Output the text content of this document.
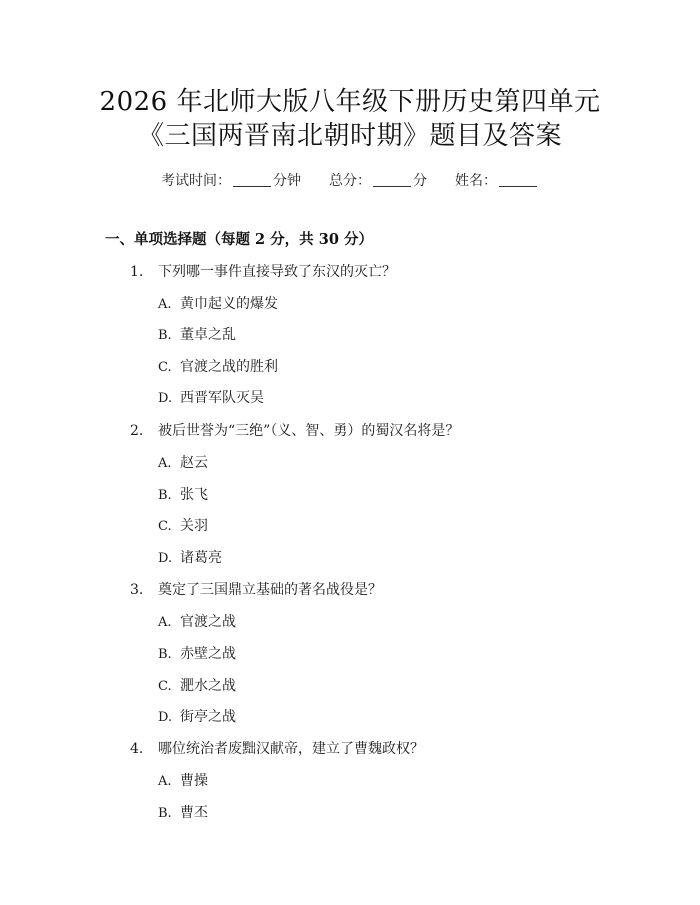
2026 年北师大版八年级下册历史第四单元
《三国两晋南北朝时期》题目及答案
考试时间：	分钟 总分：	分 姓名：
一、单项选择题（每题 2 分，共 30 分）
1. 下列哪一事件直接导致了东汉的灭亡？
A. 黄巾起义的爆发
B. 董卓之乱
C. 官渡之战的胜利
D. 西晋军队灭吴
2. 被后世誉为“三绝”（义、智、勇）的蜀汉名将是？
A. 赵云
B. 张飞
C. 关羽
D. 诸葛亮
3. 奠定了三国鼎立基础的著名战役是？
A. 官渡之战
B. 赤壁之战
C. 淝水之战
D. 街亭之战
4. 哪位统治者废黜汉献帝，建立了曹魏政权？
A. 曹操
B. 曹丕
